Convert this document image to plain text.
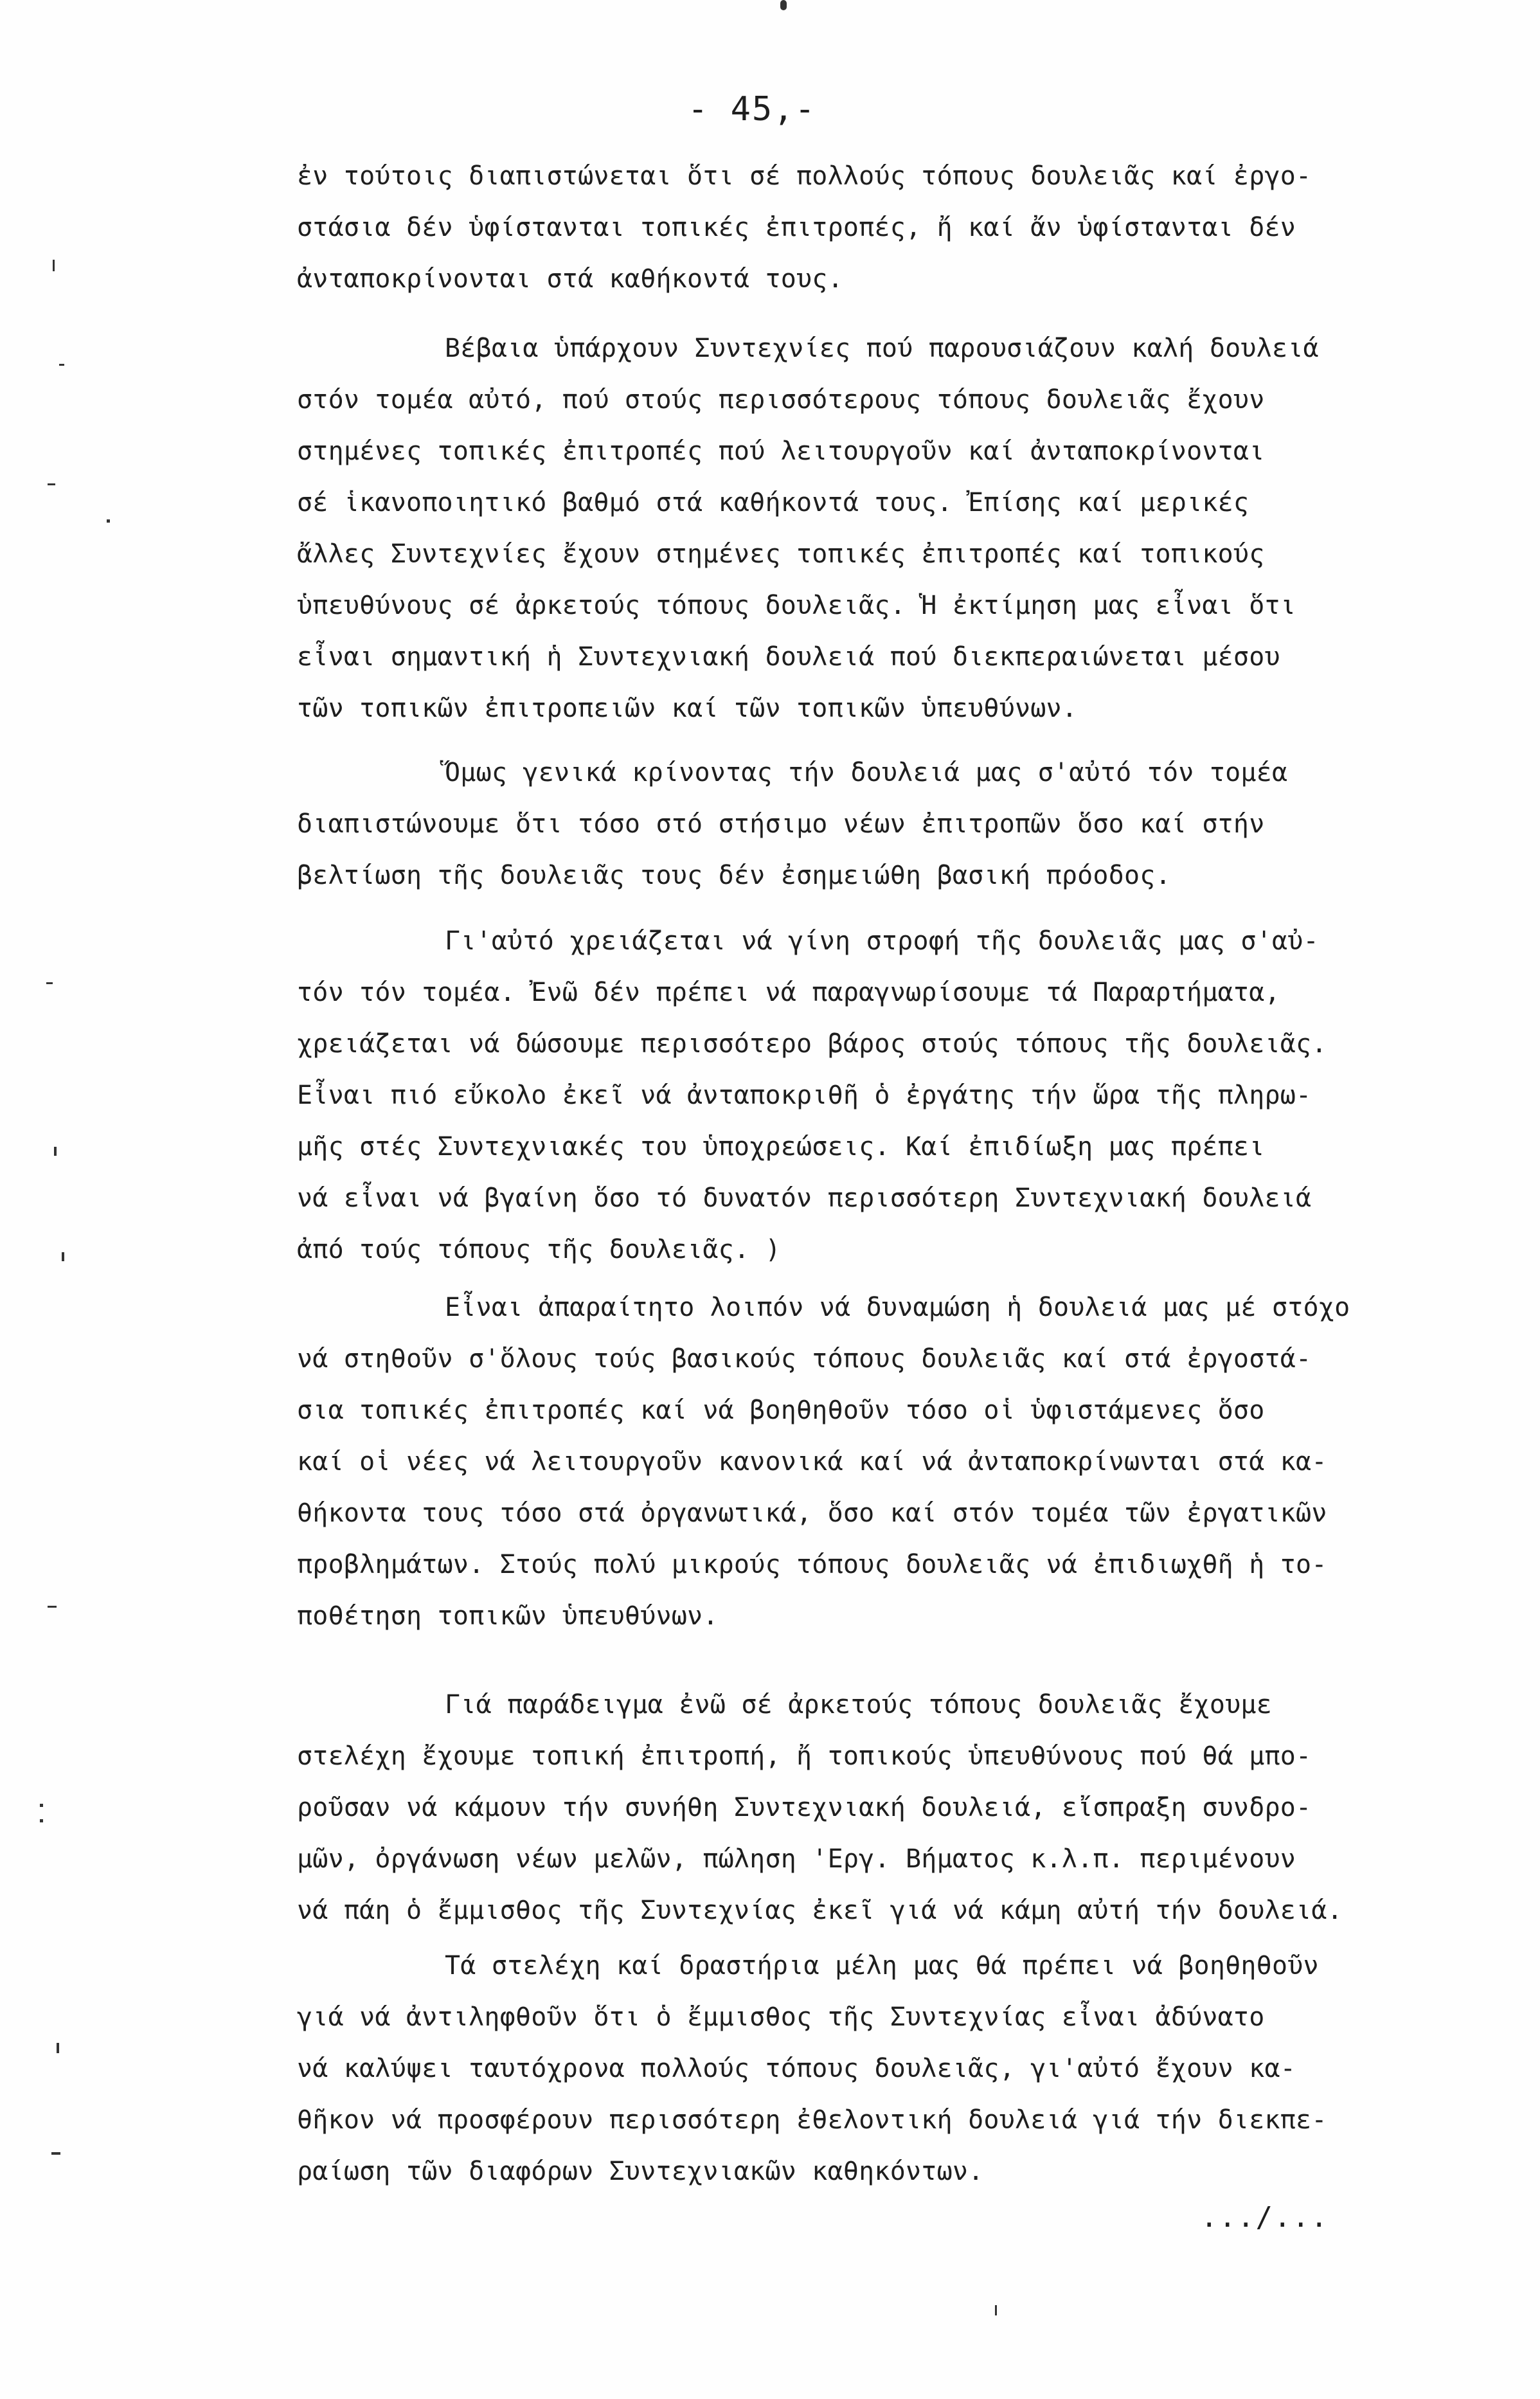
- 45,-
ἐν τούτοις διαπιστώνεται ὅτι σέ πολλούς τόπους δουλειᾶς καί ἐργο-
στάσια δέν ὑφίστανται τοπικές ἐπιτροπές, ἤ καί ἄν ὑφίστανται δέν
ἀνταποκρίνονται στά καθήκοντά τους.
Βέβαια ὑπάρχουν Συντεχνίες πού παρουσιάζουν καλή δουλειά
στόν τομέα αὐτό, πού στούς περισσότερους τόπους δουλειᾶς ἔχουν
στημένες τοπικές ἐπιτροπές πού λειτουργοῦν καί ἀνταποκρίνονται
σέ ἱκανοποιητικό βαθμό στά καθήκοντά τους. Ἐπίσης καί μερικές
ἄλλες Συντεχνίες ἔχουν στημένες τοπικές ἐπιτροπές καί τοπικούς
ὑπευθύνους σέ ἀρκετούς τόπους δουλειᾶς. Ἡ ἐκτίμηση μας εἶναι ὅτι
εἶναι σημαντική ἡ Συντεχνιακή δουλειά πού διεκπεραιώνεται μέσου
τῶν τοπικῶν ἐπιτροπειῶν καί τῶν τοπικῶν ὑπευθύνων.
Ὅμως γενικά κρίνοντας τήν δουλειά μας σ'αὐτό τόν τομέα
διαπιστώνουμε ὅτι τόσο στό στήσιμο νέων ἐπιτροπῶν ὅσο καί στήν
βελτίωση τῆς δουλειᾶς τους δέν ἐσημειώθη βασική πρόοδος.
Γι'αὐτό χρειάζεται νά γίνη στροφή τῆς δουλειᾶς μας σ'αὐ-
τόν τόν τομέα. Ἐνῶ δέν πρέπει νά παραγνωρίσουμε τά Παραρτήματα,
χρειάζεται νά δώσουμε περισσότερο βάρος στούς τόπους τῆς δουλειᾶς.
Εἶναι πιό εὔκολο ἐκεῖ νά ἀνταποκριθῆ ὁ ἐργάτης τήν ὥρα τῆς πληρω-
μῆς στές Συντεχνιακές του ὑποχρεώσεις. Καί ἐπιδίωξη μας πρέπει
νά εἶναι νά βγαίνη ὅσο τό δυνατόν περισσότερη Συντεχνιακή δουλειά
ἀπό τούς τόπους τῆς δουλειᾶς. )
Εἶναι ἀπαραίτητο λοιπόν νά δυναμώση ἡ δουλειά μας μέ στόχο
νά στηθοῦν σ'ὅλους τούς βασικούς τόπους δουλειᾶς καί στά ἐργοστά-
σια τοπικές ἐπιτροπές καί νά βοηθηθοῦν τόσο οἱ ὑφιστάμενες ὅσο
καί οἱ νέες νά λειτουργοῦν κανονικά καί νά ἀνταποκρίνωνται στά κα-
θήκοντα τους τόσο στά ὀργανωτικά, ὅσο καί στόν τομέα τῶν ἐργατικῶν
προβλημάτων. Στούς πολύ μικρούς τόπους δουλειᾶς νά ἐπιδιωχθῆ ἡ το-
ποθέτηση τοπικῶν ὑπευθύνων.
Γιά παράδειγμα ἐνῶ σέ ἀρκετούς τόπους δουλειᾶς ἔχουμε
στελέχη ἔχουμε τοπική ἐπιτροπή, ἤ τοπικούς ὑπευθύνους πού θά μπο-
ροῦσαν νά κάμουν τήν συνήθη Συντεχνιακή δουλειά, εἴσπραξη συνδρο-
μῶν, ὀργάνωση νέων μελῶν, πώληση 'Εργ. Βήματος κ.λ.π. περιμένουν
νά πάη ὁ ἔμμισθος τῆς Συντεχνίας ἐκεῖ γιά νά κάμη αὐτή τήν δουλειά.
Τά στελέχη καί δραστήρια μέλη μας θά πρέπει νά βοηθηθοῦν
γιά νά ἀντιληφθοῦν ὅτι ὁ ἔμμισθος τῆς Συντεχνίας εἶναι ἀδύνατο
νά καλύψει ταυτόχρονα πολλούς τόπους δουλειᾶς, γι'αὐτό ἔχουν κα-
θῆκον νά προσφέρουν περισσότερη ἐθελοντική δουλειά γιά τήν διεκπε-
ραίωση τῶν διαφόρων Συντεχνιακῶν καθηκόντων.
.../...
